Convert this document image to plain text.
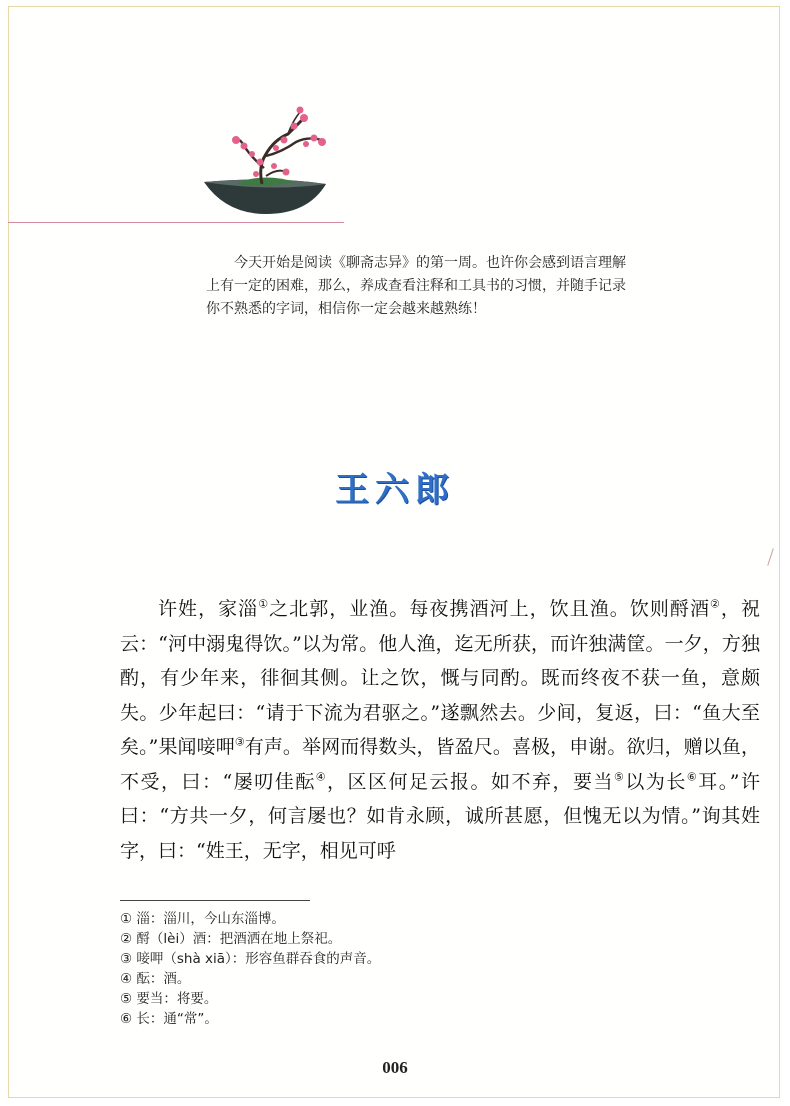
今天开始是阅读《聊斋志异》的第一周。也许你会感到语言理解

上有一定的困难，那么，养成查看注释和工具书的习惯，并随手记录

你不熟悉的字词，相信你一定会越来越熟练！

王六郎

许姓，家淄①之北郭，业渔。每夜携酒河上，饮且渔。饮则酹酒②，祝云：“河中溺鬼得饮。”以为常。他人渔，迄无所获，而许独满筐。一夕，方独酌，有少年来，徘徊其侧。让之饮，慨与同酌。既而终夜不获一鱼，意颇失。少年起曰：“请于下流为君驱之。”遂飘然去。少间，复返，曰：“鱼大至矣。”果闻唼呷③有声。举网而得数头，皆盈尺。喜极，申谢。欲归，赠以鱼，不受，曰：“屡叨佳酝④，区区何足云报。如不弃，要当⑤以为长⑥耳。”许曰：“方共一夕，何言屡也？如肯永顾，诚所甚愿，但愧无以为情。”询其姓字，曰：“姓王，无字，相见可呼

① 淄：淄川，今山东淄博。
② 酹（lèi）酒：把酒洒在地上祭祀。
③ 唼呷（shà xiā）：形容鱼群吞食的声音。
④ 酝：酒。
⑤ 要当：将要。
⑥ 长：通“常”。
006
